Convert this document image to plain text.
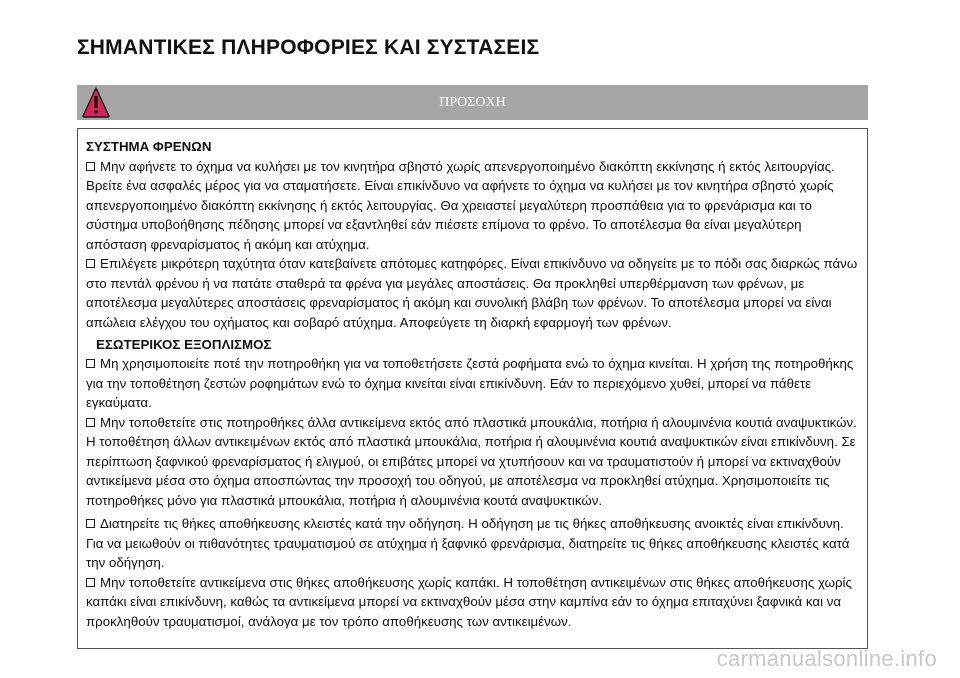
ΣΗΜΑΝΤΙΚΕΣ ΠΛΗΡΟΦΟΡΙΕΣ ΚΑΙ ΣΥΣΤΑΣΕΙΣ
ΠΡΟΣΟΧΗ
ΣΥΣΤΗΜΑ ΦΡΕΝΩΝ

Μην αφήνετε το όχημα να κυλήσει με τον κινητήρα σβηστό χωρίς απενεργοποιημένο διακόπτη εκκίνησης ή εκτός λειτουργίας. Βρείτε ένα ασφαλές μέρος για να σταματήσετε. Είναι επικίνδυνο να αφήνετε το όχημα να κυλήσει με τον κινητήρα σβηστό χωρίς απενεργοποιημένο διακόπτη εκκίνησης ή εκτός λειτουργίας. Θα χρειαστεί μεγαλύτερη προσπάθεια για το φρενάρισμα και το σύστημα υποβοήθησης πέδησης μπορεί να εξαντληθεί εάν πιέσετε επίμονα το φρένο. Το αποτέλεσμα θα είναι μεγαλύτερη απόσταση φρεναρίσματος ή ακόμη και ατύχημα.

Επιλέγετε μικρότερη ταχύτητα όταν κατεβαίνετε απότομες κατηφόρες. Είναι επικίνδυνο να οδηγείτε με το πόδι σας διαρκώς πάνω στο πεντάλ φρένου ή να πατάτε σταθερά τα φρένα για μεγάλες αποστάσεις. Θα προκληθεί υπερθέρμανση των φρένων, με αποτέλεσμα μεγαλύτερες αποστάσεις φρεναρίσματος ή ακόμη και συνολική βλάβη των φρένων. Το αποτέλεσμα μπορεί να είναι απώλεια ελέγχου του οχήματος και σοβαρό ατύχημα. Αποφεύγετε τη διαρκή εφαρμογή των φρένων.

ΕΣΩΤΕΡΙΚΟΣ ΕΞΟΠΛΙΣΜΟΣ

Μη χρησιμοποιείτε ποτέ την ποτηροθήκη για να τοποθετήσετε ζεστά ροφήματα ενώ το όχημα κινείται. Η χρήση της ποτηροθήκης για την τοποθέτηση ζεστών ροφημάτων ενώ το όχημα κινείται είναι επικίνδυνη. Εάν το περιεχόμενο χυθεί, μπορεί να πάθετε εγκαύματα.

Μην τοποθετείτε στις ποτηροθήκες άλλα αντικείμενα εκτός από πλαστικά μπουκάλια, ποτήρια ή αλουμινένια κουτιά αναψυκτικών. Η τοποθέτηση άλλων αντικειμένων εκτός από πλαστικά μπουκάλια, ποτήρια ή αλουμινένια κουτιά αναψυκτικών είναι επικίνδυνη. Σε περίπτωση ξαφνικού φρεναρίσματος ή ελιγμού, οι επιβάτες μπορεί να χτυπήσουν και να τραυματιστούν ή μπορεί να εκτιναχθούν αντικείμενα μέσα στο όχημα αποσπώντας την προσοχή του οδηγού, με αποτέλεσμα να προκληθεί ατύχημα. Χρησιμοποιείτε τις ποτηροθήκες μόνο για πλαστικά μπουκάλια, ποτήρια ή αλουμινένια κουτά αναψυκτικών.

Διατηρείτε τις θήκες αποθήκευσης κλειστές κατά την οδήγηση. Η οδήγηση με τις θήκες αποθήκευσης ανοικτές είναι επικίνδυνη. Για να μειωθούν οι πιθανότητες τραυματισμού σε ατύχημα ή ξαφνικό φρενάρισμα, διατηρείτε τις θήκες αποθήκευσης κλειστές κατά την οδήγηση.

Μην τοποθετείτε αντικείμενα στις θήκες αποθήκευσης χωρίς καπάκι. Η τοποθέτηση αντικειμένων στις θήκες αποθήκευσης χωρίς καπάκι είναι επικίνδυνη, καθώς τα αντικείμενα μπορεί να εκτιναχθούν μέσα στην καμπίνα εάν το όχημα επιταχύνει ξαφνικά και να προκληθούν τραυματισμοί, ανάλογα με τον τρόπο αποθήκευσης των αντικειμένων.

carmanualsonline.info
